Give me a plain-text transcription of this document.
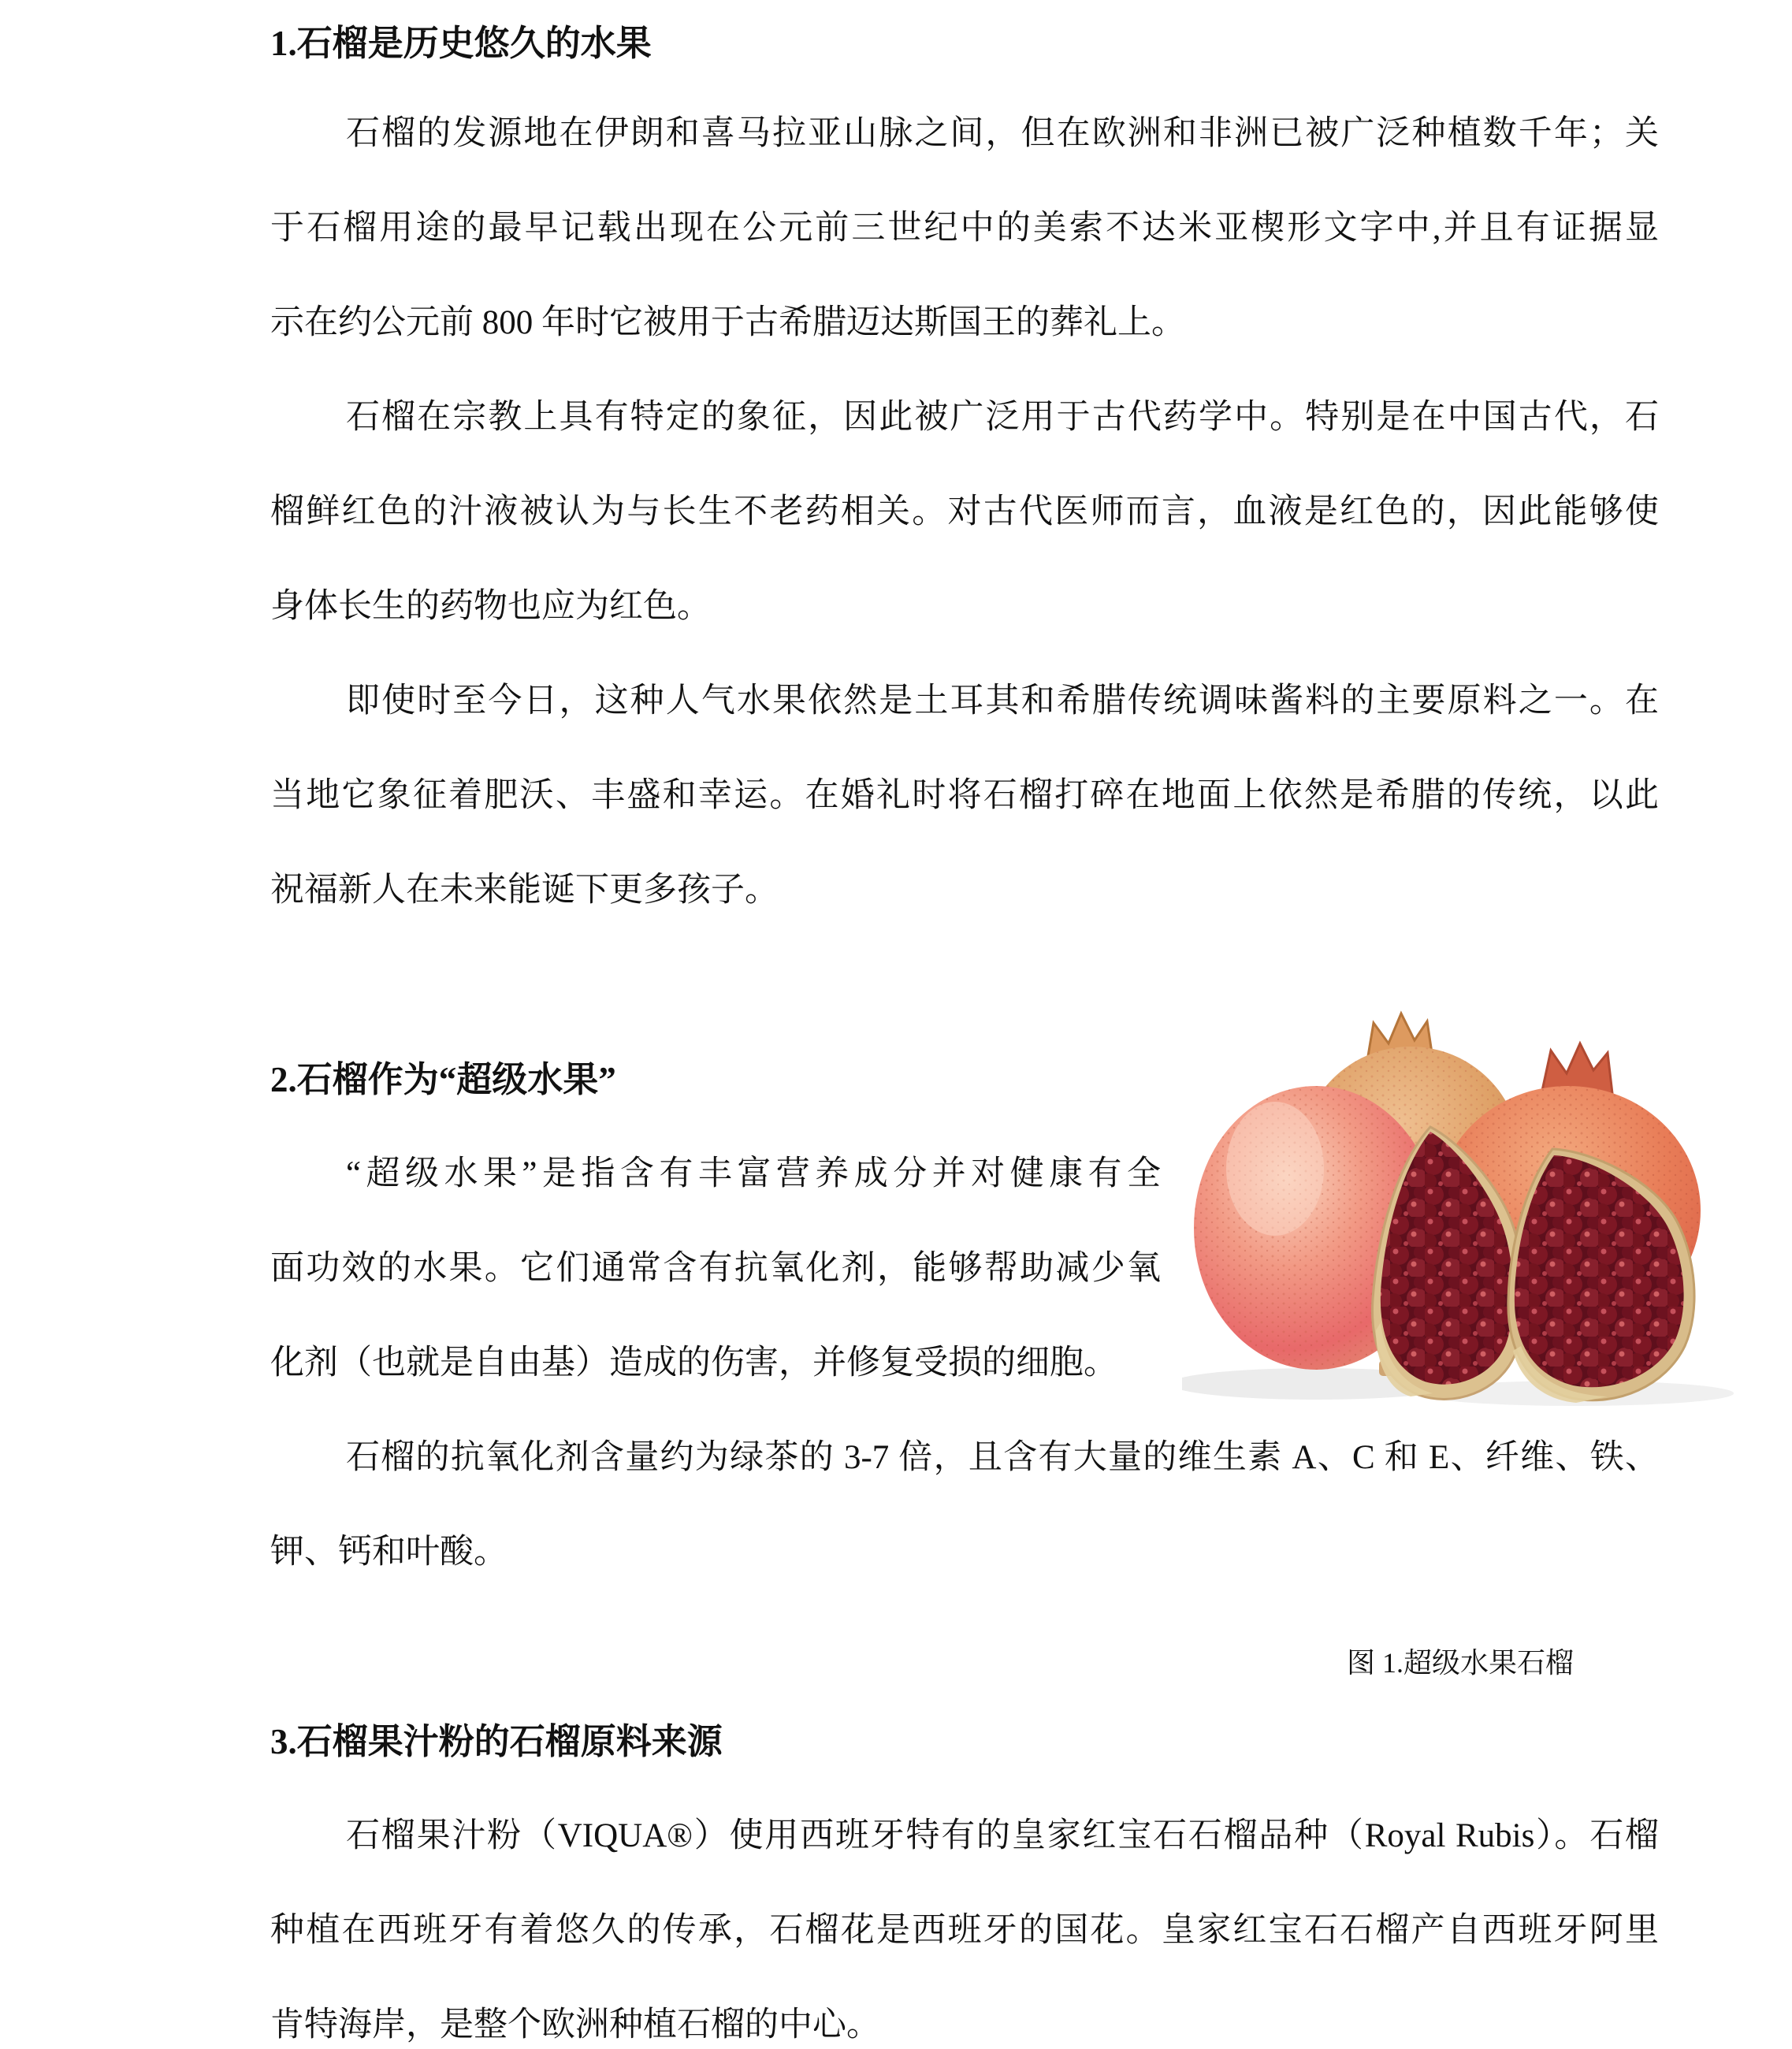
1.石榴是历史悠久的水果
石榴的发源地在伊朗和喜马拉亚山脉之间，但在欧洲和非洲已被广泛种植数千年；关
于石榴用途的最早记载出现在公元前三世纪中的美索不达米亚楔形文字中,并且有证据显
示在约公元前 800 年时它被用于古希腊迈达斯国王的葬礼上。
石榴在宗教上具有特定的象征，因此被广泛用于古代药学中。特别是在中国古代，石
榴鲜红色的汁液被认为与长生不老药相关。对古代医师而言，血液是红色的，因此能够使
身体长生的药物也应为红色。
即使时至今日，这种人气水果依然是土耳其和希腊传统调味酱料的主要原料之一。在
当地它象征着肥沃、丰盛和幸运。在婚礼时将石榴打碎在地面上依然是希腊的传统，以此
祝福新人在未来能诞下更多孩子。
2.石榴作为“超级水果”
“超级水果”是指含有丰富营养成分并对健康有全
面功效的水果。它们通常含有抗氧化剂，能够帮助减少氧
化剂（也就是自由基）造成的伤害，并修复受损的细胞。
石榴的抗氧化剂含量约为绿茶的 3-7 倍，且含有大量的维生素 A、C 和 E、纤维、铁、
钾、钙和叶酸。
图 1.超级水果石榴
3.石榴果汁粉的石榴原料来源
石榴果汁粉（VIQUA®）使用西班牙特有的皇家红宝石石榴品种（Royal Rubis）。石榴
种植在西班牙有着悠久的传承，石榴花是西班牙的国花。皇家红宝石石榴产自西班牙阿里
肯特海岸，是整个欧洲种植石榴的中心。
